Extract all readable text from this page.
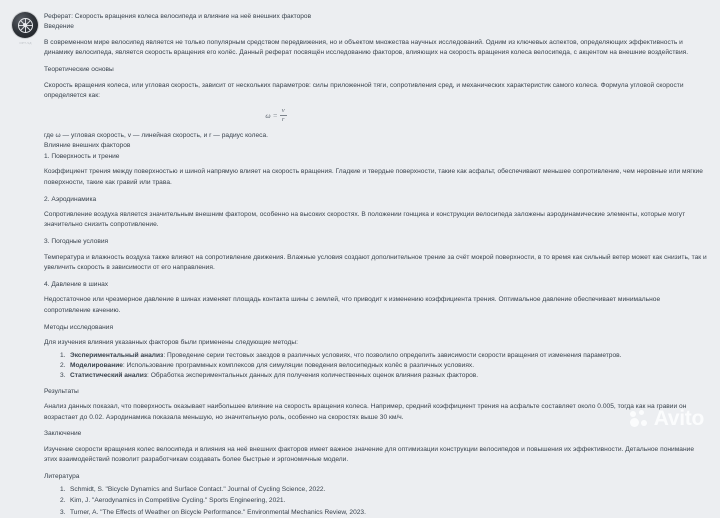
OPT-ЧД
Реферат: Скорость вращения колеса велосипеда и влияние на неё внешних факторов
Введение

В современном мире велосипед является не только популярным средством передвижения, но и объектом множества научных исследований. Одним из ключевых аспектов, определяющих эффективность и динамику велосипеда, является скорость вращения его колёс. Данный реферат посвящён исследованию факторов, влияющих на скорость вращения колеса велосипеда, с акцентом на внешние воздействия.

Теоретические основы

Скорость вращения колеса, или угловая скорость, зависит от нескольких параметров: силы приложенной тяги, сопротивления сред, и механических характеристик самого колеса. Формула угловой скорости определяется как:

$\omega = \frac{v}{r}$

где ω — угловая скорость, v — линейная скорость, и r — радиус колеса.

Влияние внешних факторов
1. Поверхность и трение

Коэффициент трения между поверхностью и шиной напрямую влияет на скорость вращения. Гладкие и твердые поверхности, такие как асфальт, обеспечивают меньшее сопротивление, чем неровные или мягкие поверхности, такие как гравий или трава.

2. Аэродинамика

Сопротивление воздуха является значительным внешним фактором, особенно на высоких скоростях. В положении гонщика и конструкции велосипеда заложены аэродинамические элементы, которые могут значительно снизить сопротивление.

3. Погодные условия

Температура и влажность воздуха также влияют на сопротивление движения. Влажные условия создают дополнительное трение за счёт мокрой поверхности, в то время как сильный ветер может как снизить, так и увеличить скорость в зависимости от его направления.

4. Давление в шинах

Недостаточное или чрезмерное давление в шинах изменяет площадь контакта шины с землей, что приводит к изменению коэффициента трения. Оптимальное давление обеспечивает минимальное сопротивление качению.

Методы исследования

Для изучения влияния указанных факторов были применены следующие методы:

Экспериментальный анализ: Проведение серии тестовых заездов в различных условиях, что позволило определить зависимости скорости вращения от изменения параметров.
Моделирование: Использование программных комплексов для симуляции поведения велосипедных колёс в различных условиях.
Статистический анализ: Обработка экспериментальных данных для получения количественных оценок влияния разных факторов.
Результаты

Анализ данных показал, что поверхность оказывает наибольшее влияние на скорость вращения колеса. Например, средний коэффициент трения на асфальте составляет около 0.005, тогда как на гравии он возрастает до 0.02. Аэродинамика показала меньшую, но значительную роль, особенно на скоростях выше 30 км/ч.

Заключение

Изучение скорости вращения колес велосипеда и влияния на неё внешних факторов имеет важное значение для оптимизации конструкции велосипедов и повышения их эффективности. Детальное понимание этих взаимодействий позволит разработчикам создавать более быстрые и эргономичные модели.

Литература
Schmidt, S. "Bicycle Dynamics and Surface Contact." Journal of Cycling Science, 2022.
Kim, J. "Aerodynamics in Competitive Cycling." Sports Engineering, 2021.
Turner, A. "The Effects of Weather on Bicycle Performance." Environmental Mechanics Review, 2023.
Avito
